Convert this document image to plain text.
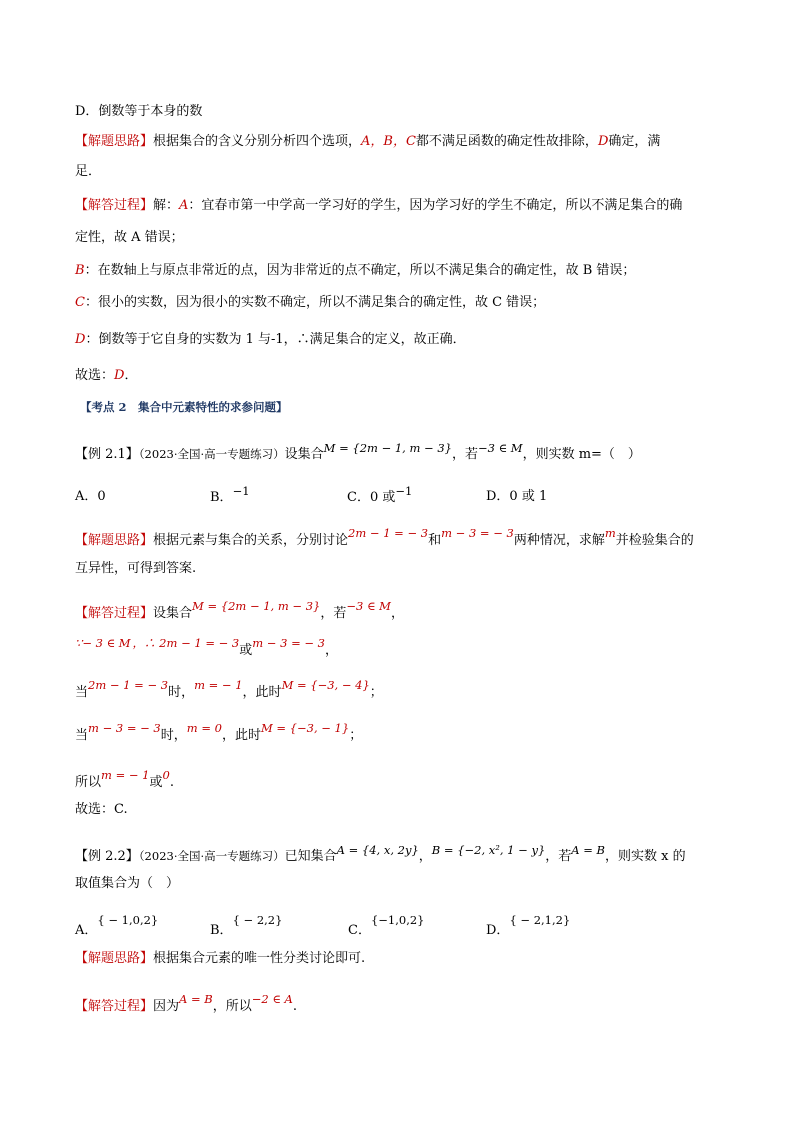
D．倒数等于本身的数
【解题思路】根据集合的含义分别分析四个选项，A，B，C都不满足函数的确定性故排除，D确定，满
足．
【解答过程】解：A：宜春市第一中学高一学习好的学生，因为学习好的学生不确定，所以不满足集合的确
定性，故 A 错误；
B：在数轴上与原点非常近的点，因为非常近的点不确定，所以不满足集合的确定性，故 B 错误；
C：很小的实数，因为很小的实数不确定，所以不满足集合的确定性，故 C 错误；
D：倒数等于它自身的实数为 1 与-1，∴满足集合的定义，故正确．
故选：D．
【考点 2　集合中元素特性的求参问题】
【例 2.1】（2023·全国·高一专题练习）设集合M = {2m − 1, m − 3}，若−3 ∈ M，则实数 m=（　）
A．0	B．−1	C．0 或−1	D．0 或 1
【解题思路】根据元素与集合的关系，分别讨论2m − 1 = − 3和m − 3 = − 3两种情况，求解m并检验集合的
互异性，可得到答案.
【解答过程】设集合M = {2m − 1, m − 3}，若−3 ∈ M，
∵− 3 ∈ M ，∴ 2m − 1 = − 3或m − 3 = − 3，
当2m − 1 = − 3时，m = − 1，此时M = {−3, − 4}；
当m − 3 = − 3时，m = 0，此时M = {−3, − 1}；
所以m = − 1或0.
故选：C.
【例 2.2】（2023·全国·高一专题练习）已知集合A = {4, x, 2y}，B = {−2, x², 1 − y}，若A = B，则实数 x 的
取值集合为（　）
A．{ − 1,0,2}
B．{ − 2,2}
C．{−1,0,2}
D．{ − 2,1,2}
【解题思路】根据集合元素的唯一性分类讨论即可.
【解答过程】因为A = B，所以−2 ∈ A.
